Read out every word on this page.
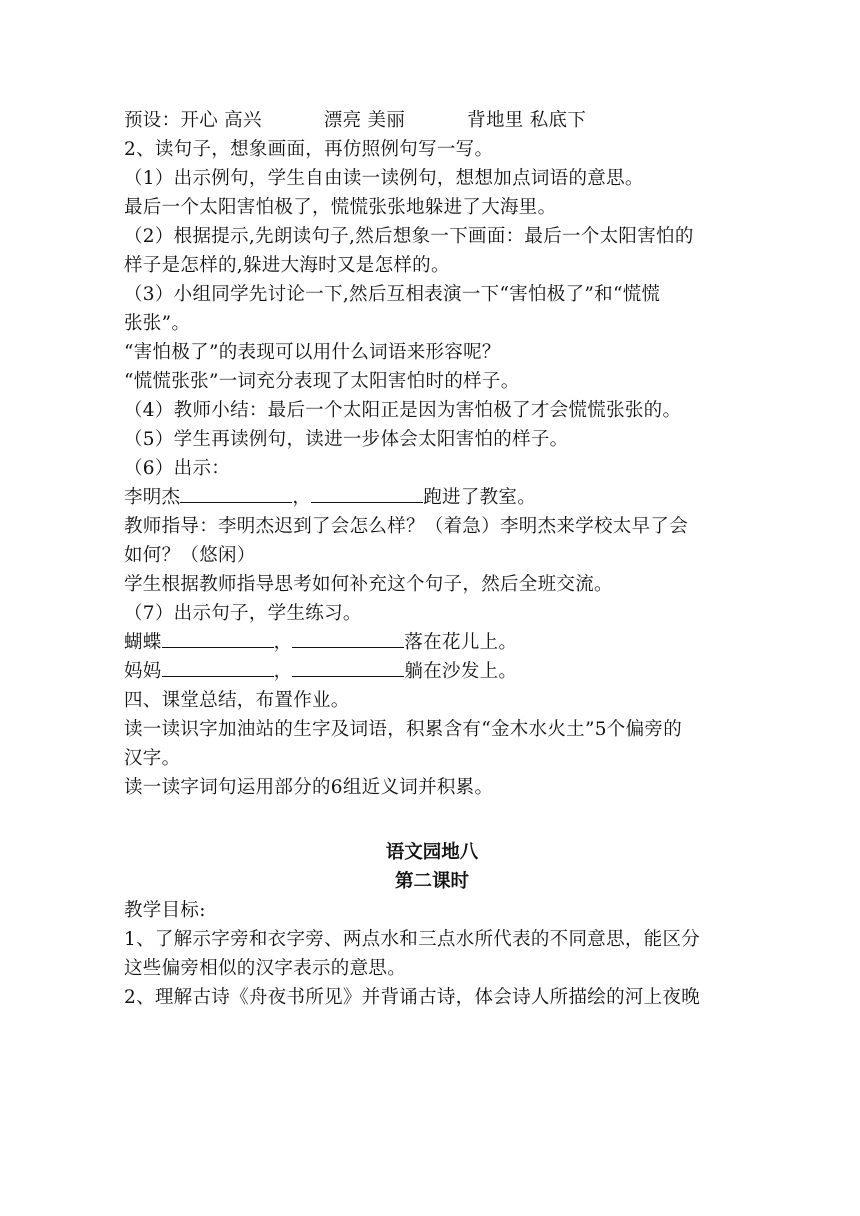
预设：开心 高兴	漂亮 美丽	背地里 私底下
2、读句子，想象画面，再仿照例句写一写。
（1）出示例句，学生自由读一读例句，想想加点词语的意思。
最后一个太阳害怕极了，慌慌张张地躲进了大海里。
（2）根据提示,先朗读句子,然后想象一下画面：最后一个太阳害怕的
样子是怎样的,躲进大海时又是怎样的。
（3）小组同学先讨论一下,然后互相表演一下“害怕极了”和“慌慌
张张”。
“害怕极了”的表现可以用什么词语来形容呢？
“慌慌张张”一词充分表现了太阳害怕时的样子。
（4）教师小结：最后一个太阳正是因为害怕极了才会慌慌张张的。
（5）学生再读例句，读进一步体会太阳害怕的样子。
（6）出示：
李明杰	，	跑进了教室。
教师指导：李明杰迟到了会怎么样？（着急）李明杰来学校太早了会
如何？（悠闲）
学生根据教师指导思考如何补充这个句子，然后全班交流。
（7）出示句子，学生练习。
蝴蝶	，	落在花儿上。
妈妈	，	躺在沙发上。
四、课堂总结，布置作业。
读一读识字加油站的生字及词语，积累含有“金木水火土”5个偏旁的
汉字。
读一读字词句运用部分的6组近义词并积累。
语文园地八
第二课时
教学目标:
1、了解示字旁和衣字旁、两点水和三点水所代表的不同意思，能区分
这些偏旁相似的汉字表示的意思。
2、理解古诗《舟夜书所见》并背诵古诗，体会诗人所描绘的河上夜晚
